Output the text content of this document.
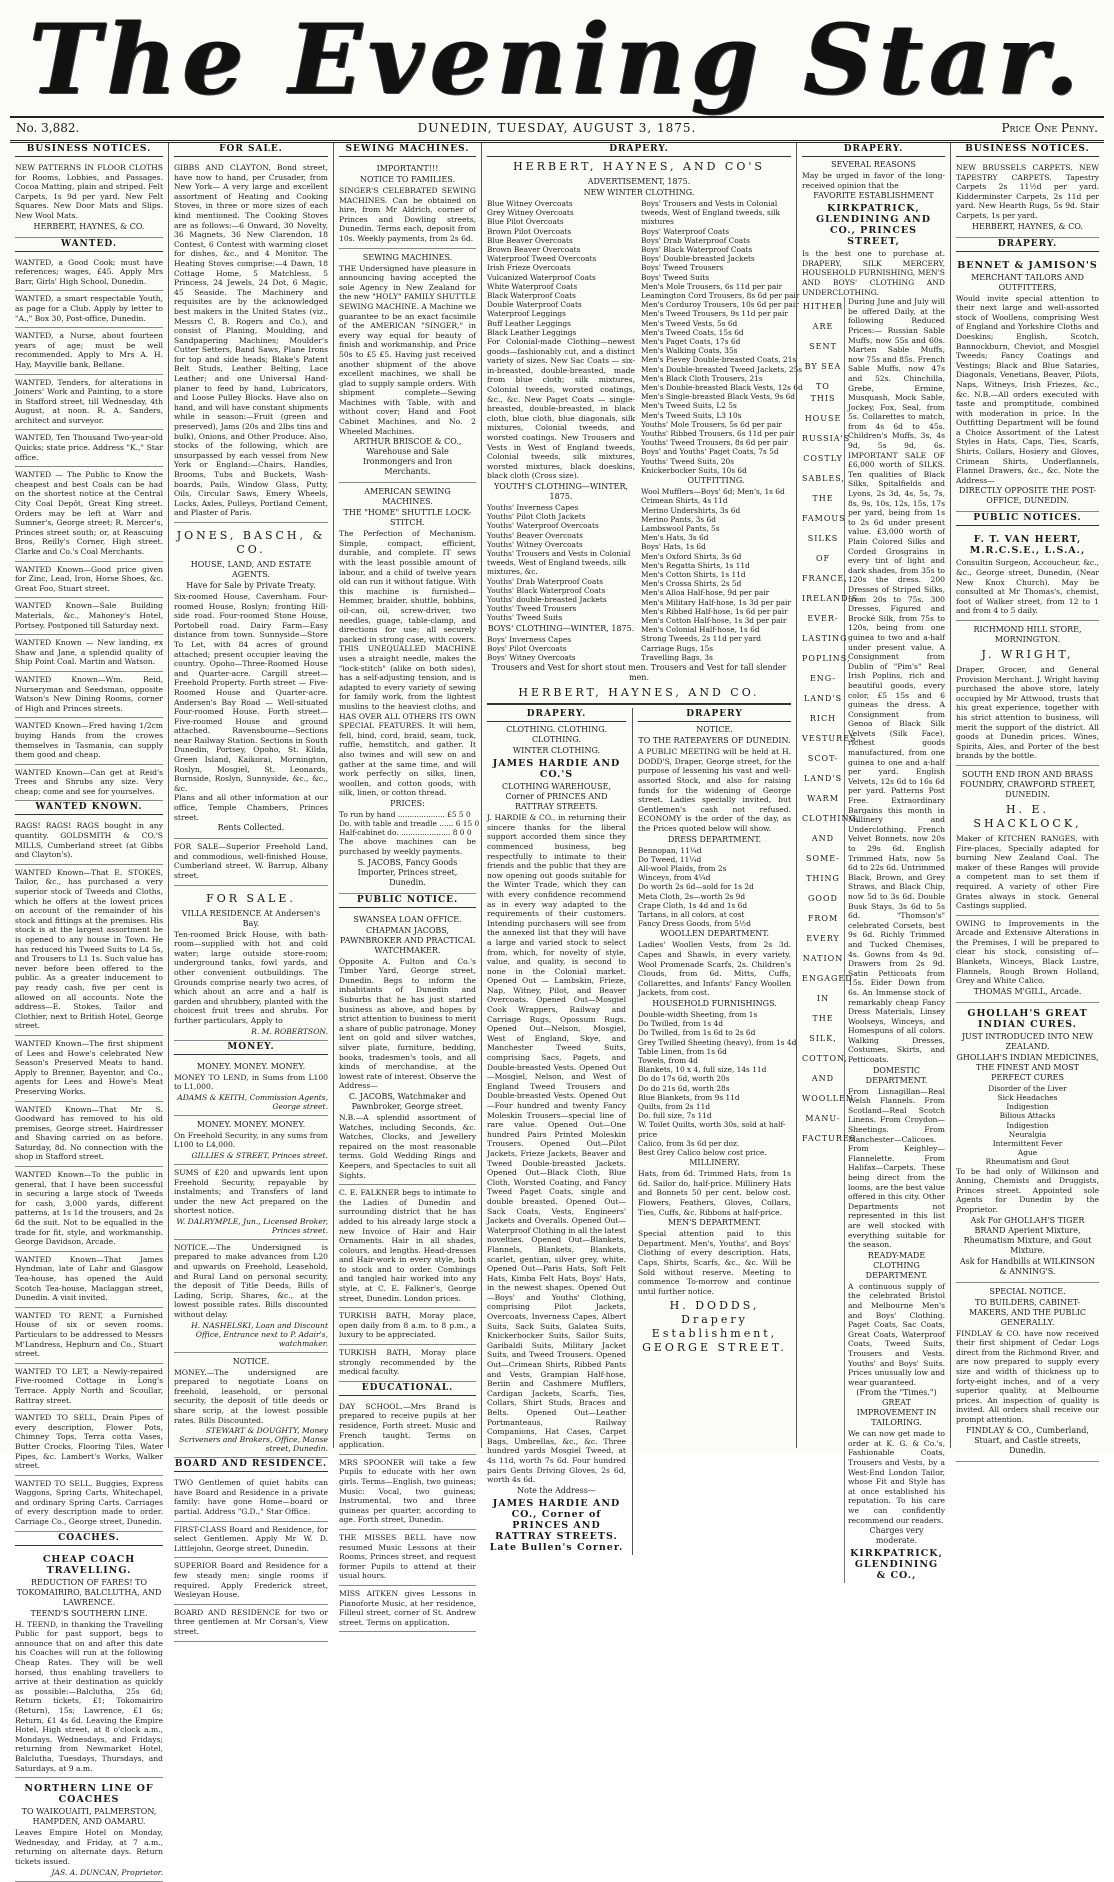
The Evening Star.
No. 3,882.	DUNEDIN, TUESDAY, AUGUST 3, 1875.	Price One Penny.
BUSINESS NOTICES.

NEW PATTERNS IN FLOOR CLOTHS for Rooms, Lobbies, and Passages. Cocoa Matting, plain and striped. Felt Carpets, 1s 9d per yard. New Felt Squares. New Door Mats and Slips. New Wool Mats.

HERBERT, HAYNES, & CO.

WANTED.

WANTED, a Good Cook; must have references; wages, £45. Apply Mrs Barr, Girls' High School, Dunedin.

WANTED, a smart respectable Youth, as page for a Club. Apply by letter to "A.," Box 30, Post-office, Dunedin.

WANTED, a Nurse, about fourteen years of age; must be well recommended. Apply to Mrs A. H. Hay, Mayville bank, Bellane.

WANTED, Tenders, for alterations in Joiners' Work and Painting, to a store in Stafford street, till Wednesday, 4th August, at noon. R. A. Sanders, architect and surveyor.

WANTED, Ten Thousand Two-year-old Quicks; state price. Address "K.," Star office.

WANTED — The Public to Know the cheapest and best Coals can be had on the shortest notice at the Central City Coal Depôt, Great King street. Orders may be left at Warr and Sumner's, George street; R. Mercer's, Princes street south; or, at Reascuing Bros, Reilly's Corner, High street. Clarke and Co.'s Coal Merchants.

WANTED Known—Good price given for Zinc, Lead, Iron, Horse Shoes, &c. Great Foo, Stuart street.

WANTED Known—Sale Building Materials, &c., Mahoney's Hotel, Portsey. Postponed till Saturday next.

WANTED Known — New landing, ex Shaw and Jane, a splendid quality of Ship Point Coal. Martin and Watson.

WANTED Known—Wm. Reid, Nurseryman and Seedsman, opposite Watson's New Dining Rooms, corner of High and Princes streets.

WANTED Known—Fred having 1/2cm buying Hands from the crowes themselves in Tasmania, can supply them good and cheap.

WANTED Known—Can get at Reid's Trees and Shrubs any size. Very cheap; come and see for yourselves.

WANTED KNOWN.

RAGS! RAGS! RAGS bought in any quantity. GOLDSMITH & CO.'S MILLS, Cumberland street (at Gibbs and Clayton's).

WANTED Known—That E. STOKES, Tailor, &c., has purchased a very superior stock of Tweeds and Cloths, which he offers at the lowest prices on account of the remainder of his stock and fittings at the premises. His stock is at the largest assortment he is opened to any house in Town. He has reduced his Tweed Suits to L4 5s, and Trousers to L1 1s. Such value has never before been offered to the public. As a greater inducement to pay ready cash, five per cent is allowed on all accounts. Note the address—E. Stokes, Tailor and Clothier, next to British Hotel, George street.

WANTED Known—The first shipment of Lees and Howe's celebrated New Season's Preserved Meats to hand. Apply to Brenner, Bayentor, and Co., agents for Lees and Howe's Meat Preserving Works.

WANTED Known—That Mr S. Goodward has removed to his old premises, George street. Hairdresser and Shaving carried on as before. Saturday, 8d. No connection with the shop in Stafford street.

WANTED Known—To the public in general, that I have been successful in securing a large stock of Tweeds for cash, 3,000 yards, different patterns, at 1s 1d the trousers, and 2s 6d the suit. Not to be equalled in the trade for fit, style, and workmanship. George Davidson, Arcade.

WANTED Known—That James Hyndman, late of Lahr and Glasgow Tea-house, has opened the Auld Scotch Tea-house, Maclaggan street, Dunedin. A visit invited.

WANTED TO RENT, a Furnished House of six or seven rooms. Particulars to be addressed to Messrs M'Landress, Hepburn and Co., Stuart street.

WANTED TO LET, a Newly-repaired Five-roomed Cottage in Long's Terrace. Apply North and Scoullar, Rattray street.

WANTED TO SELL, Drain Pipes of every description, Flower Pots, Chimney Tops, Terra cotta Vases, Butter Crocks, Flooring Tiles, Water Pipes, &c. Lambert's Works, Walker street.

WANTED TO SELL, Buggies, Express Waggons, Spring Carts, Whitechapel, and ordinary Spring Carts. Carriages of every description made to order. Carriage Co., George street, Dunedin.

COACHES.

CHEAP COACH TRAVELLING.

REDUCTION OF FARES! TO TOKOMAIRIRO, BALCLUTHA, AND LAWRENCE.

TEEND'S SOUTHERN LINE.

H. TEEND, in thanking the Travelling Public for past support, begs to announce that on and after this date his Coaches will run at the following Cheap Rates. They will be well horsed, thus enabling travellers to arrive at their destination as quickly as possible:—Balclutha, 25s 6d; Return tickets, £1; Tokomairiro (Return), 15s; Lawrence, £1 6s; Return, £1 4s 6d. Leaving the Empire Hotel, High street, at 8 o'clock a.m., Mondays, Wednesdays, and Fridays; returning from Newmarket Hotel, Balclutha, Tuesdays, Thursdays, and Saturdays, at 9 a.m.

NORTHERN LINE OF COACHES

TO WAIKOUAITI, PALMERSTON, HAMPDEN, AND OAMARU.

Leaves Empire Hotel on Monday, Wednesday, and Friday, at 7 a.m., returning on alternate days. Return tickets issued.

JAS. A. DUNCAN, Proprietor.

FOR SALE.

GIBBS AND CLAYTON, Bond street, have now to hand, per Crusader, from New York— A very large and excellent assortment of Heating and Cooking Stoves, in three or more sizes of each kind mentioned. The Cooking Stoves are as follows:—6 Onward, 30 Novelty, 36 Magnets, 36 New Clarendon, 18 Contest, 6 Contest with warming closet for dishes, &c., and 4 Monitor. The Heating Stoves comprise:—4 Dawn, 18 Cottage Home, 5 Matchless, 5 Princess, 24 Jewels, 24 Dot, 6 Magic, 45 Seaside. The Machinery and requisites are by the acknowledged best makers in the United States (viz., Messrs C. B. Rogers and Co.), and consist of Planing, Moulding, and Sandpapering Machines; Moulder's Cutter Setters, Band Saws, Plane Irons for top and side heads; Blake's Patent Belt Studs, Leather Belting, Lace Leather; and one Universal Hand-planer to feed by hand, Lubricators, and Loose Pulley Blocks. Have also on hand, and will have constant shipments while in season:—Fruit (green and preserved), Jams (20s and 2lbs tins and bulk), Onions, and Other Produce. Also, stocks of the following, which are unsurpassed by each vessel from New York or England:—Chairs, Handles, Brooms, Tubs and Buckets, Wash-boards, Pails, Window Glass, Putty, Oils, Circular Saws, Emery Wheels, Locks, Axles, Pulleys, Portland Cement, and Plaster of Paris.

JONES, BASCH, & CO.

HOUSE, LAND, AND ESTATE AGENTS.

Have for Sale by Private Treaty.

Six-roomed House, Caversham. Four-roomed House, Roslyn; fronting Hill-side road. Four-roomed Stone House, Portobell road. Dairy Farm—Easy distance from town. Sunnyside—Store To Let, with 84 acres of ground attached; present occupier leaving the country. Opoho—Three-Roomed House and Quarter-acre. Cargill street—Freehold Property. Forth street — Five-Roomed House and Quarter-acre. Andersen's Bay Road — Well-situated Four-roomed House. Forth street—Five-roomed House and ground attached. Ravensbourne—Sections near Railway Station. Sections in South Dunedin, Portsey, Opoho, St. Kilda, Green Island, Kaikorai, Mornington, Roslyn, Mosgiel, St. Leonards, Burnside, Roslyn, Sunnyside, &c., &c., &c.

Plans and all other information at our office, Temple Chambers, Princes street.

Rents Collected.

FOR SALE—Superior Freehold Land, and commodious, well-finished House, Cumberland street. W. Barrup, Albany street.

FOR SALE.

VILLA RESIDENCE At Andersen's Bay.

Ten-roomed Brick House, with bath-room—supplied with hot and cold water; large outside store-room; underground tanks, fowl yards, and other convenient outbuildings. The Grounds comprise nearly two acres, of which about an acre and a half is garden and shrubbery, planted with the choicest fruit trees and shrubs. For further particulars, Apply to

R. M. ROBERTSON.

MONEY.

MONEY. MONEY. MONEY.

MONEY TO LEND, in Sums from L100 to L1,000.

ADAMS & KEITH, Commission Agents, George street.

MONEY. MONEY. MONEY.

On Freehold Security, in any sums from L100 to L4,000.

GILLIES & STREET, Princes street.

SUMS of £20 and upwards lent upon Freehold Security, repayable by instalments; and Transfers of land under the new Act prepared on the shortest notice.

W. DALRYMPLE, Jun., Licensed Broker, Princes street.

NOTICE.—The Undersigned is prepared to make advances from L20 and upwards on Freehold, Leasehold, and Rural Land on personal security, the deposit of Title Deeds, Bills of Lading, Scrip, Shares, &c., at the lowest possible rates. Bills discounted without delay.

H. NASHELSKI, Loan and Discount Office, Entrance next to P. Adair's, watchmaker.

NOTICE.

MONEY.—The undersigned are prepared to negotiate Loans on freehold, leasehold, or personal security, the deposit of title deeds or share scrip, at the lowest possible rates. Bills Discounted.

STEWART & DOUGHTY, Money Scriveners and Brokers, Office, Manse street, Dunedin.

BOARD AND RESIDENCE.

TWO Gentlemen of quiet habits can have Board and Residence in a private family: have gone Home—board or partial. Address "G.D.," Star Office.

FIRST-CLASS Board and Residence, for select Gentlemen. Apply Mr W. D. Littlejohn, George street, Dunedin.

SUPERIOR Board and Residence for a few steady men; single rooms if required. Apply Frederick street, Wesleyan House.

BOARD AND RESIDENCE for two or three gentlemen at Mr Corsan's, View street.

SEWING MACHINES.

IMPORTANT!!!

NOTICE TO FAMILIES.

SINGER'S CELEBRATED SEWING MACHINES. Can be obtained on hire, from Mr Aldrich, corner of Princes and Dowling streets, Dunedin. Terms each, deposit from 10s. Weekly payments, from 2s 6d.

SEWING MACHINES.

THE Undersigned have pleasure in announcing having accepted the sole Agency in New Zealand for the new "HOLY" FAMILY SHUTTLE SEWING MACHINE. A Machine we guarantee to be an exact facsimile of the AMERICAN "SINGER," in every way equal for beauty of finish and workmanship, and Price 50s to £5 £5. Having just received another shipment of the above excellent machines, we shall be glad to supply sample orders. With shipment complete—Sewing Machines with Table, with and without cover; Hand and Foot Cabinet Machines, and No. 2 Wheeled Machines.

ARTHUR BRISCOE & CO., Warehouse and Sale Ironmongers and Iron Merchants.

AMERICAN SEWING MACHINES.

THE "HOME" SHUTTLE LOCK-STITCH.

The Perfection of Mechanism. Simple, compact, efficient, durable, and complete. IT sews with the least possible amount of labour, and a child of twelve years old can run it without fatigue. With this machine is furnished—Hemmer, braider, shuttle, bobbins, oil-can, oil, screw-driver, two needles, guage, table-clamp, and directions for use; all securely packed in strong case, with covers. THIS UNEQUALLED MACHINE uses a straight needle, makes the "lock-stitch" (alike on both sides), has a self-adjusting tension, and is adapted to every variety of sewing for family work, from the lightest muslins to the heaviest cloths, and HAS OVER ALL OTHERS ITS OWN SPECIAL FEATURES. It will hem, fell, bind, cord, braid, seam, tuck, ruffle, hemstitch, and gather. It also twines and will sew on and gather at the same time, and will work perfectly on silks, linen, woollen, and cotton goods, with silk, linen, or cotton thread.

PRICES:

To run by hand .................... £5 5 0
Do. with table and treadle ...... 6 15 0
Half-cabinet do. ..................... 8 0 0

The above machines can be purchased by weekly payments.

S. JACOBS, Fancy Goods Importer, Princes street, Dunedin.

PUBLIC NOTICE.

SWANSEA LOAN OFFICE.

CHAPMAN JACOBS, PAWNBROKER AND PRACTICAL WATCHMAKER.

Opposite A. Fulton and Co.'s Timber Yard, George street, Dunedin. Begs to inform the inhabitants of Dunedin and Suburbs that he has just started business as above, and hopes by strict attention to business to merit a share of public patronage. Money lent on gold and silver watches, silver plate, furniture, bedding, books, tradesmen's tools, and all kinds of merchandise, at the lowest rate of interest. Observe the Address—

C. JACOBS, Watchmaker and Pawnbroker, George street.

N.B.—A splendid assortment of Watches, including Seconds, &c. Watches, Clocks, and Jewellery repaired on the most reasonable terms. Gold Wedding Rings and Keepers, and Spectacles to suit all Sights.

C. E. FALKNER begs to intimate to the Ladies of Dunedin and surrounding district that he has added to his already large stock a new Invoice of Hair and Hair Ornaments. Hair in all shades, colours, and lengths. Head-dresses and Hair-work in every style, both to stock and to order. Combings and tangled hair worked into any style, at C. E. Falkner's, George street, Dunedin. London prices.

TURKISH BATH, Moray place, open daily from 8 a.m. to 8 p.m., a luxury to be appreciated.

TURKISH BATH, Moray place strongly recommended by the medical faculty.

EDUCATIONAL.

DAY SCHOOL.—Mrs Brand is prepared to receive pupils at her residence, Forth street. Music and French taught. Terms on application.

MRS SPOONER will take a few Pupils to educate with her own girls. Terms—English, two guineas; Music: Vocal, two guineas; Instrumental, two and three guineas per quarter, according to age. Forth street, Dunedin.

THE MISSES BELL have now resumed Music Lessons at their Rooms, Princes street, and request former Pupils to attend at their usual hours.

MISS AITKEN gives Lessons in Pianoforte Music, at her residence, Filleul street, corner of St. Andrew street. Terms on application.

DRAPERY.

HERBERT, HAYNES, AND CO'S

ADVERTISEMENT, 1875.

NEW WINTER CLOTHING.

Blue Witney Overcoats
Grey Witney Overcoats
Blue Pilot Overcoats
Brown Pilot Overcoats
Blue Beaver Overcoats
Brown Beaver Overcoats
Waterproof Tweed Overcoats
Irish Frieze Overcoats
Vulcanized Waterproof Coats
White Waterproof Coats
Black Waterproof Coats
Double Waterproof Coats
Waterproof Leggings
Buff Leather Leggings
Black Leather Leggings

For Colonial-made Clothing—newest goods—fashionably cut, and a distinct variety of sizes. New Sac Coats — six-in-breasted, double-breasted, made from blue cloth; silk mixtures, Colonial tweeds, worsted coatings, &c., &c. New Paget Coats — single-breasted, double-breasted, in black cloth, blue cloth, blue diagonals, silk mixtures, Colonial tweeds, and worsted coatings. New Trousers and Vests in West of England tweeds, Colonial tweeds, silk mixtures, worsted mixtures, black doeskins, black cloth (Cross size).

YOUTH'S CLOTHING—WINTER, 1875.

Youths' Inverness Capes
Youths' Pilot Cloth Jackets
Youths' Waterproof Overcoats
Youths' Beaver Overcoats
Youths' Witney Overcoats
Youths' Trousers and Vests in Colonial tweeds, West of England tweeds, silk mixtures, &c.
Youths' Drab Waterproof Coats
Youths' Black Waterproof Coats
Youths' double-breasted Jackets
Youths' Tweed Trousers
Youths' Tweed Suits

BOYS' CLOTHING—WINTER, 1875.

Boys' Inverness Capes
Boys' Pilot Overcoats
Boys' Witney Overcoats
Boys' Trousers and Vests in Colonial tweeds, West of England tweeds, silk mixtures
Boys' Waterproof Coats
Boys' Drab Waterproof Coats
Boys' Black Waterproof Coats
Boys' Double-breasted Jackets
Boys' Tweed Trousers
Boys' Tweed Suits
Men's Mole Trousers, 6s 11d per pair
Leamington Cord Trousers, 8s 6d per pair
Men's Corduroy Trousers, 10s 6d per pair
Men's Tweed Trousers, 9s 11d per pair
Men's Tweed Vests, 5s 6d
Men's Tweed Coats, 15s 6d
Men's Paget Coats, 17s 6d
Men's Walking Coats, 35s
Men's Pievey Double-breasted Coats, 21s
Men's Double-breasted Tweed Jackets, 25s
Men's Black Cloth Trousers, 21s
Men's Double-breasted Black Vests, 12s 6d
Men's Single-breasted Black Vests, 9s 6d
Men's Tweed Suits, L2 5s
Men's Tweed Suits, L3 10s
Youths' Mole Trousers, 5s 6d per pair
Youths' Ribbed Trousers, 6s 11d per pair
Youths' Tweed Trousers, 8s 6d per pair
Boys' and Youths' Paget Coats, 7s 5d
Youths' Tweed Suits, 20s
Knickerbocker Suits, 10s 6d

OUTFITTING.

Wool Mufflers—Boys' 6d; Men's, 1s 6d
Crimean Shirts, 4s 11d
Merino Undershirts, 3s 6d
Merino Pants, 3s 6d
Lambswool Pants, 5s
Men's Hats, 3s 6d
Boys' Hats, 1s 6d
Men's Oxford Shirts, 3s 6d
Men's Regatta Shirts, 1s 11d
Men's Cotton Shirts, 1s 11d
Men's Crossa Shirts, 2s 5d
Men's Alloa Half-hose, 9d per pair
Men's Military Half-hose, 1s 3d per pair
Men's Ribbed Half-hose, 1s 6d per pair
Men's Cotton Half-hose, 1s 3d per pair
Men's Colonial Half-hose, 1s 6d
Strong Tweeds, 2s 11d per yard
Carriage Rugs, 15s
Travelling Bags, 3s

Trousers and Vest for short stout men. Trousers and Vest for tall slender men.

HERBERT, HAYNES, AND CO.

DRAPERY.

CLOTHING. CLOTHING. CLOTHING.

WINTER CLOTHING.

JAMES HARDIE AND CO.'S

CLOTHING WAREHOUSE, Corner of PRINCES AND RATTRAY STREETS.

J. HARDIE & CO., in returning their sincere thanks for the liberal support accorded them since they commenced business, beg respectfully to intimate to their friends and the public that they are now opening out goods suitable for the Winter Trade, which they can with every confidence recommend as in every way adapted to the requirements of their customers. Intending purchasers will see from the annexed list that they will have a large and varied stock to select from, which, for novelty of style, value, and quality, is second to none in the Colonial market. Opened Out — Lambskin, Frieze, Nap, Witney, Pilot, and Beaver Overcoats. Opened Out—Mosgiel Cook Wrappers, Railway and Carriage Rugs, Opossum Rugs. Opened Out—Nelson, Mosgiel, West of England, Skye, and Manchester Tweed Suits, comprising Sacs, Pagets, and Double-breasted Vests. Opened Out—Mosgiel, Nelson, and West of England Tweed Trousers and Double-breasted Vests. Opened Out—Four hundred and twenty Fancy Moleskin Trousers—special line of rare value. Opened Out—One hundred Pairs Printed Moleskin Trousers. Opened Out—Pilot Jackets, Frieze Jackets, Beaver and Tweed Double-breasted Jackets. Opened Out—Black Cloth, Blue Cloth, Worsted Coating, and Fancy Tweed Paget Coats, single and double breasted. Opened Out—Sack Coats, Vests, Engineers' Jackets and Overalls. Opened Out—Waterproof Clothing in all the latest novelties. Opened Out—Blankets, Flannels, Blankets, Blankets, scarlet, gentian, silver grey, white. Opened Out—Paris Hats, Soft Felt Hats, Kimba Felt Hats, Boys' Hats, in the newest shapes. Opened Out—Boys' and Youths' Clothing, comprising Pilot Jackets, Overcoats, Inverness Capes, Albert Suits, Sack Suits, Galatea Suits, Knickerbocker Suits, Sailor Suits, Garibaldi Suits, Military Jacket Suits, and Tweed Trousers. Opened Out—Crimean Shirts, Ribbed Pants and Vests, Grampian Half-hose, Beriin and Cashmere Mufflers, Cardigan Jackets, Scarfs, Ties, Collars, Shirt Studs, Braces and Belts. Opened Out—Leather Portmanteaus, Railway Companions, Hat Cases, Carpet Bags, Umbrellas, &c., &c. Three hundred yards Mosgiel Tweed, at 4s 11d, worth 7s 6d. Four hundred pairs Gents Driving Gloves, 2s 6d, worth 4s 6d.

Note the Address—

JAMES HARDIE AND CO., Corner of PRINCES AND RATTRAY STREETS. Late Bullen's Corner.

DRAPERY

NOTICE.

TO THE RATEPAYERS OF DUNEDIN.

A PUBLIC MEETING will be held at H. DODD'S, Draper, George street, for the purpose of lessening his vast and well-assorted Stock, and also for raising funds for the widening of George street. Ladies specially invited, but Gentlemen's cash not refused. ECONOMY is the order of the day, as the Prices quoted below will show.

DRESS DEPARTMENT.

Bennopan, 11¼d
Do Tweed, 11¼d
All-wool Plaids, from 2s
Winceys, from 4¼d
Do worth 2s 6d—sold for 1s 2d
Meta Cloth, 2s—worth 2s 9d
Crape Cloth, 1s 4d and 1s 6d
Tartans, in all colors, at cost
Fancy Dress Goods, from 5½d

WOOLLEN DEPARTMENT.

Ladies' Woollen Vests, from 2s 3d. Capes and Shawls, in every variety. Wool Promenade Scarfs, 2s. Children's Clouds, from 6d. Mitts, Cuffs, Collarettes, and Infants' Fancy Woollen Jackets, from cost.

HOUSEHOLD FURNISHINGS.

Double-width Sheeting, from 1s
Do Twilled, from 1s 4d
Do Twilled, from 1s 6d to 2s 6d
Grey Twilled Sheeting (heavy), from 1s 4d
Table Linen, from 1s 6d
Towels, from 4d
Blankets, 10 x 4, full size, 14s 11d
Do do 17s 6d, worth 20s
Do do 21s 6d, worth 28s
Blue Blankets, from 9s 11d
Quilts, from 2s 11d
Do. full size, 7s 11d
W. Toilet Quilts, worth 30s, sold at half-price
Calico, from 3s 6d per doz.
Best Grey Calico below cost price.

MILLINERY.

Hats, from 6d. Trimmed Hats, from 1s 6d. Sailor do, half-price. Millinery Hats and Bonnets 50 per cent. below cost. Flowers, Feathers, Gloves, Collars, Ties, Cuffs, &c. Ribbons at half-price.

MEN'S DEPARTMENT.

Special attention paid to this Department. Men's, Youths', and Boys' Clothing of every description. Hats, Caps, Shirts, Scarfs, &c., &c. Will be Sold without reserve. Meeting to commence To-morrow and continue until further notice.

H. DODDS, Drapery Establishment, GEORGE STREET.

DRAPERY.

SEVERAL REASONS

May be urged in favor of the long-received opinion that the

FAVORITE ESTABLISHMENT

KIRKPATRICK, GLENDINING AND CO., PRINCES STREET,

Is the best one to purchase at. DRAPERY, SILK MERCERY, HOUSEHOLD FURNISHING, MEN'S AND BOYS' CLOTHING AND UNDERCLOTHING.

HITHER
ARE
SENT
BY SEA
TO THIS
HOUSE
RUSSIA'S
COSTLY
SABLES,
THE
FAMOUS
SILKS
OF
FRANCE,
IRELAND'S
EVER-
LASTING
POPLINS,
ENG-
LAND'S
RICH
VESTURES,
SCOT-
LAND'S
WARM
CLOTHING,
AND
SOME-
THING
GOOD
FROM
EVERY
NATION
ENGAGED
IN
THE
SILK,
COTTON,
AND
WOOLLEN
MANU-
FACTURES

During June and July will be offered Daily, at the following Reduced Prices:— Russian Sable Muffs, now 55s and 60s. Marten Sable Muffs, now 75s and 85s. French Sable Muffs, now 47s and 52s. Chinchilla, Grebe, Ermine, Musquash, Mock Sable, Jockey, Fox, Seal, from 5s. Collarettes to match, from 4s 6d to 45s. Children's Muffs, 3s, 4s 9d, 5s 9d, 6s. IMPORTANT SALE OF £6,000 worth of SILKS. Ten qualities of Black Silks, Spitalfields and Lyons, 2s 3d, 4s, 5s, 7s, 8s, 9s, 10s, 12s, 15s, 17s per yard, being from 1s to 2s 6d under present value. £3,000 worth of Plain Colored Silks and Corded Grosgrains in every tint of light and dark shades, from 35s to 120s the dress. 200 Dresses of Striped Silks, from 20s to 75s. 300 Dresses, Figured and Brocké Silk, from 75s to 120s, being from one guinea to two and a-half under present value. A Consignment from Dublin of "Pim's" Real Irish Poplins, rich and beautiful goods, every color, £5 15s and 6 guineas the dress. A Consignment from Genoa of Black Silk Velvets (Silk Face), richest goods manufactured, from one guinea to one and a-half per yard. English Velvets, 12s 6d to 16s 6d per yard. Patterns Post Free. Extraordinary Bargains this month in Millinery and Underclothing. French Velvet Bonnets, now 20s to 29s 6d. English Trimmed Hats, now 5s 6d to 22s 6d. Untrimmed Black, Brown, and Grey Straws, and Black Chip, now 5d to 3s 6d. Double Busk Stays, 3s 6d to 5s 6d. "Thomson's" celebrated Corsets, best 9s 6d. Richly Trimmed and Tucked Chemises, 4s. Gowns from 4s 9d. Drawers from 2s 9d. Satin Petticoats from 15s. Eider Down from 6s. An Immense stock of remarkably cheap Fancy Dress Materials, Linsey Woolseys, Winceys, and Homespuns of all colors. Walking Dresses, Costumes, Skirts, and Petticoats.

DOMESTIC DEPARTMENT.

From Lisnagillan—Real Welsh Flannels. From Scotland—Real Scotch Linens. From Croydon—Sheetings. From Manchester—Calicoes. From Keighley—Flannelette. From Halifax—Carpets. These being direct from the looms, are the best value offered in this city. Other Departments not represented in this list are well stocked with everything suitable for the season.

READY-MADE CLOTHING DEPARTMENT.

A continuous supply of the celebrated Bristol and Melbourne Men's and Boys' Clothing. Paget Coats, Sac Coats, Great Coats, Waterproof Coats, Tweed Suits, Trousers and Vests. Youths' and Boys' Suits. Prices unusually low and wear guaranteed.

(From the "Times.") GREAT IMPROVEMENT IN TAILORING.

We can now get made to order at K. G. & Co.'s, Fashionable Coats, Trousers and Vests, by a West-End London Tailor, whose Fit and Style has at once established his reputation. To his care we can confidently recommend our readers.

Charges very moderate.

KIRKPATRICK, GLENDINING & CO.,

BUSINESS NOTICES.

NEW BRUSSELS CARPETS. NEW TAPESTRY CARPETS. Tapestry Carpets 2s 11½d per yard. Kidderminster Carpets, 2s 11d per yard. New Hearth Rugs, 5s 9d. Stair Carpets, 1s per yard.

HERBERT, HAYNES, & CO.

DRAPERY.

BENNET & JAMISON'S

MERCHANT TAILORS AND OUTFITTERS,

Would invite special attention to their next large and well-assorted stock of Woollens, comprising West of England and Yorkshire Cloths and Doeskins; English, Scotch, Bannockburn, Cheviot, and Mosgiel Tweeds; Fancy Coatings and Vestings; Black and Blue Sataries, Diagonals, Venetians, Beaver, Pilots, Naps, Witneys, Irish Friezes, &c., &c. N.B.—All orders executed with taste and promptitude, combined with moderation in price. In the Outfitting Department will be found a Choice Assortment of the Latest Styles in Hats, Caps, Ties, Scarfs, Shirts, Collars, Hosiery and Gloves, Crimean Shirts, Underflannels, Flannel Drawers, &c., &c. Note the Address—

DIRECTLY OPPOSITE THE POST-OFFICE, DUNEDIN.

PUBLIC NOTICES.

F. T. VAN HEERT, M.R.C.S.E., L.S.A.,

Consultin Surgeon, Accoucheur, &c., &c., George street, Dunedin, (Near New Knox Church). May be consulted at Mr Thomas's, chemist, foot of Walker street, from 12 to 1 and from 4 to 5 daily.

RICHMOND HILL STORE, MORNINGTON.

J. WRIGHT,

Draper, Grocer, and General Provision Merchant. J. Wright having purchased the above store, lately occupied by Mr Attwood, trusts that his great experience, together with his strict attention to business, will merit the support of the district. All goods at Dunedin prices. Wines, Spirits, Ales, and Porter of the best brands by the bottle.

SOUTH END IRON AND BRASS FOUNDRY, CRAWFORD STREET, DUNEDIN.

H. E. SHACKLOCK,

Maker of KITCHEN RANGES, with Fire-places, Specially adapted for burning New Zealand Coal. The maker of these Ranges will provide a competent man to set them if required. A variety of other Fire Grates always in stock. General Castings supplied.

OWING to Improvements in the Arcade and Extensive Alterations in the Premises, I will be prepared to clear his stock, consisting of— Blankets, Winceys, Black Lustre, Flannels, Rough Brown Holland, Grey and White Calico.

THOMAS M'GILL, Arcade.

GHOLLAH'S GREAT INDIAN CURES.

JUST INTRODUCED INTO NEW ZEALAND.

GHOLLAH'S INDIAN MEDICINES, THE FINEST AND MOST PERFECT CURES

Disorder of the Liver
Sick Headaches
Indigestion
Bilious Attacks
Indigestion
Neuralgia
Intermittent Fever
Ague
Rheumatism and Gout

To be had only of Wilkinson and Anning, Chemists and Druggists, Princes street. Appointed sole Agents for Dunedin by the Proprietor.

Ask For GHOLLAH'S TIGER BRAND Aperient Mixture, Rheumatism Mixture, and Gout Mixture.

Ask for Handbills at WILKINSON & ANNING'S.

SPECIAL NOTICE.

TO BUILDERS, CABINET-MAKERS, AND THE PUBLIC GENERALLY.

FINDLAY & CO. have now received their first shipment of Cedar Logs direct from the Richmond River, and are now prepared to supply every size and width of thickness up to forty-eight inches, and of a very superior quality, at Melbourne prices. An inspection of quality is invited. All orders shall receive our prompt attention.

FINDLAY & CO., Cumberland, Stuart, and Castle streets, Dunedin.
